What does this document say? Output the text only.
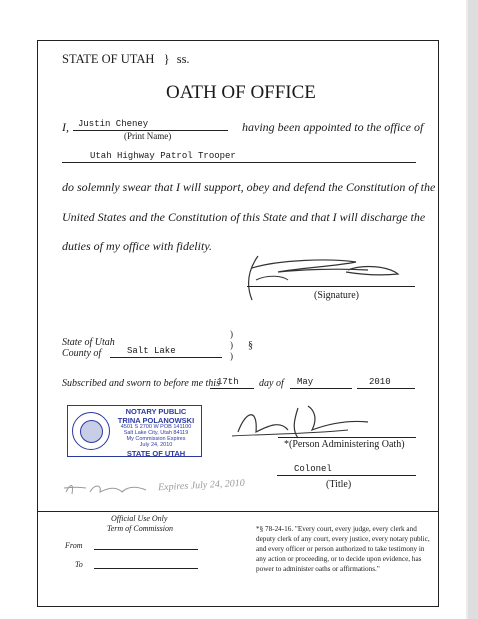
STATE OF UTAH } ss.
OATH OF OFFICE
I, Justin Cheney
(Print Name)
having been appointed to the office of
Utah Highway Patrol Trooper
do solemnly swear that I will support, obey and defend the Constitution of the
United States and the Constitution of this State and that I will discharge the
duties of my office with fidelity.
(Signature)
State of Utah
County of	Salt Lake
)
)
)
§
Subscribed and sworn to before me this
17th day of May	2010
NOTARY PUBLIC
TRINA POLANOWSKI
4501 S 2700 W POB 141100
Salt Lake City, Utah 84119
My Commission Expires
July 24, 2010
STATE OF UTAH
*(Person Administering Oath)
Expires July 24, 2010
Colonel
(Title)
Official Use Only
Term of Commission
From
To
*§ 78-24-16. "Every court, every judge, every clerk and
deputy clerk of any court, every justice, every notary public,
and every officer or person authorized to take testimony in
any action or proceeding, or to decide upon evidence, has
power to administer oaths or affirmations."
